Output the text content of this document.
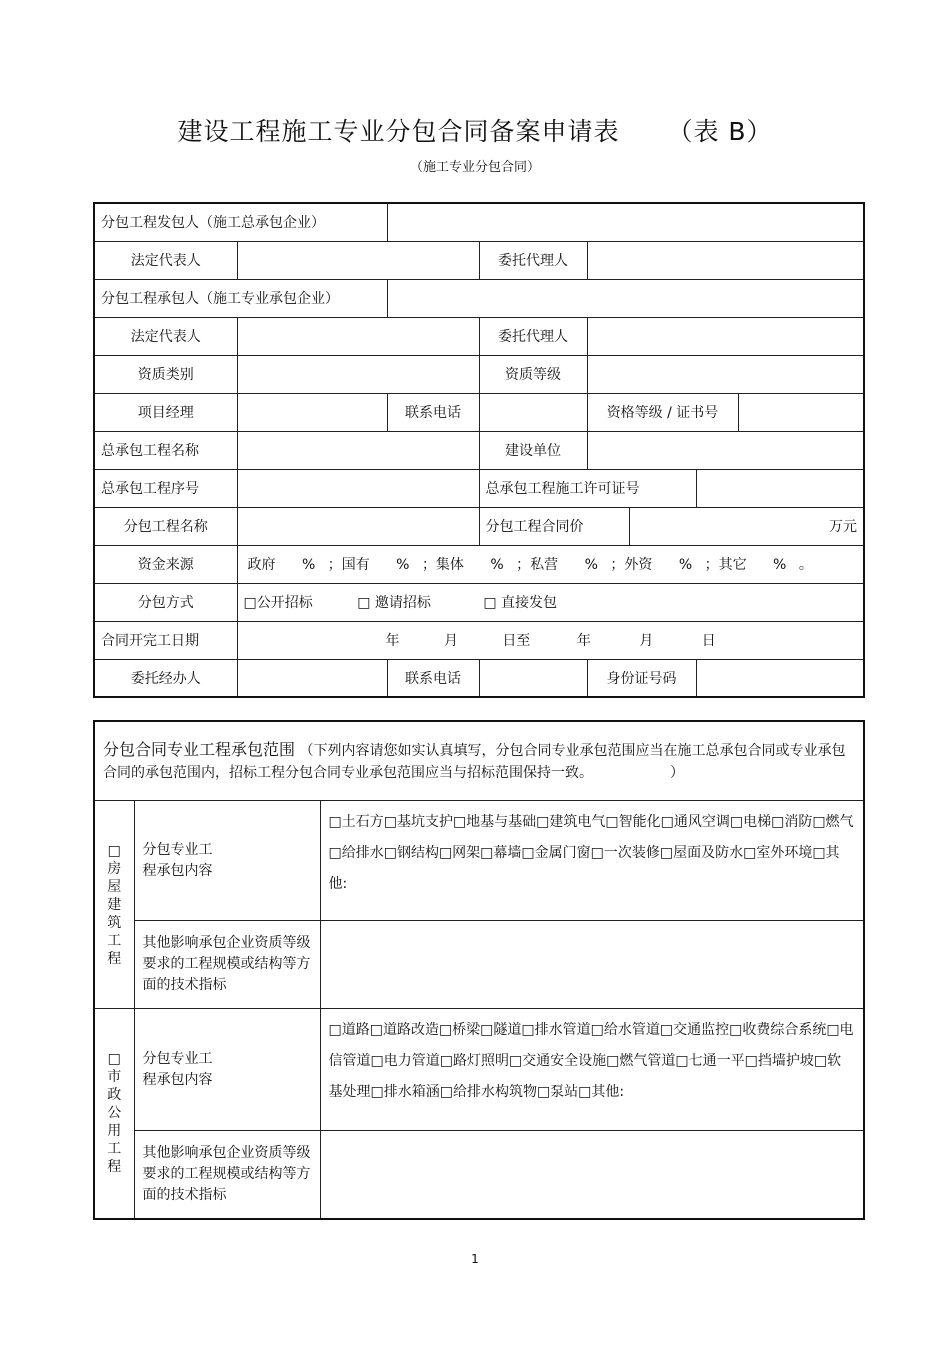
建设工程施工专业分包合同备案申请表 （表 B）
（施工专业分包合同）
分包工程发包人（施工总承包企业）							
法定代表人			委托代理人				
分包工程承包人（施工专业承包企业）							
法定代表人			委托代理人				
资质类别			资质等级				
项目经理		联系电话		资格等级 / 证书号			
总承包工程名称			建设单位				
总承包工程序号			总承包工程施工许可证号				
分包工程名称			分包工程合同价		万元		
资金来源	政府 % ；国有 % ；集体 % ；私营 % ；外资 % ；其它 % 。						
分包方式	□公开招标 □ 邀请招标 □ 直接发包						
合同开完工日期	年 月 日至 年 月 日						
委托经办人		联系电话		身份证号码			
分包合同专业工程承包范围 （下列内容请您如实认真填写，分包合同专业承包范围应当在施工总承包合同或专业承包合同的承包范围内，招标工程分包合同专业承包范围应当与招标范围保持一致。　　　　　　）		

□房屋建筑工程	分包专业工程承包内容	□土石方□基坑支护□地基与基础□建筑电气□智能化□通风空调□电梯□消防□燃气□给排水□钢结构□网架□幕墙□金属门窗□一次装修□屋面及防水□室外环境□其他:
	其他影响承包企业资质等级要求的工程规模或结构等方面的技术指标	

□市政公用工程	分包专业工程承包内容	□道路□道路改造□桥梁□隧道□排水管道□给水管道□交通监控□收费综合系统□电信管道□电力管道□路灯照明□交通安全设施□燃气管道□七通一平□挡墙护坡□软基处理□排水箱涵□给排水构筑物□泵站□其他:
	其他影响承包企业资质等级要求的工程规模或结构等方面的技术指标	
1
